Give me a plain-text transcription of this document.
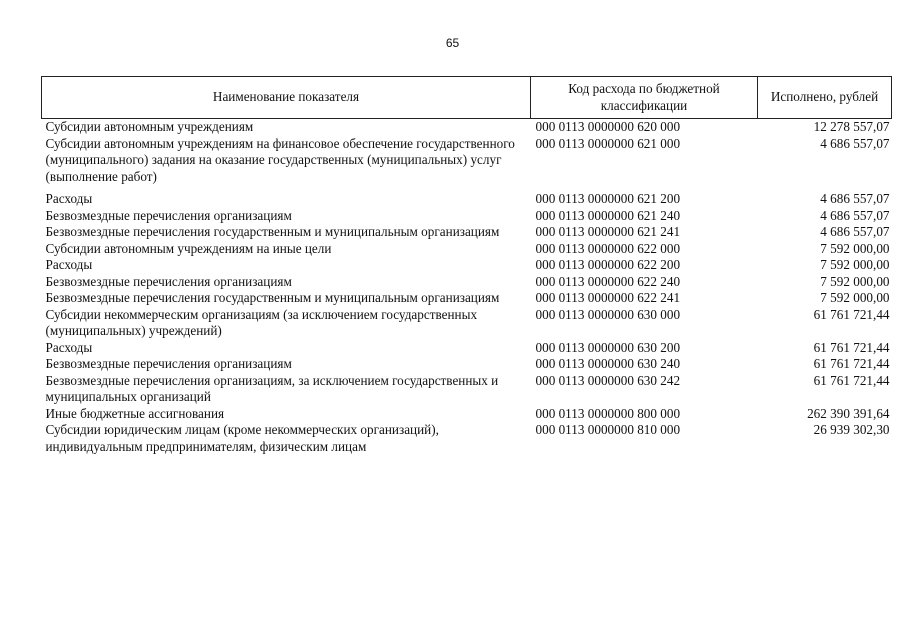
65
Наименование показателя	Код расхода по бюджетной классификации	Исполнено, рублей
Субсидии автономным учреждениям	000 0113 0000000 620 000	12 278 557,07
Субсидии автономным учреждениям на финансовое обеспечение государственного (муниципального) задания на оказание государственных (муниципальных) услуг (выполнение работ)	000 0113 0000000 621 000	4 686 557,07
Расходы	000 0113 0000000 621 200	4 686 557,07
Безвозмездные перечисления организациям	000 0113 0000000 621 240	4 686 557,07
Безвозмездные перечисления государственным и муниципальным организациям	000 0113 0000000 621 241	4 686 557,07
Субсидии автономным учреждениям на иные цели	000 0113 0000000 622 000	7 592 000,00
Расходы	000 0113 0000000 622 200	7 592 000,00
Безвозмездные перечисления организациям	000 0113 0000000 622 240	7 592 000,00
Безвозмездные перечисления государственным и муниципальным организациям	000 0113 0000000 622 241	7 592 000,00
Субсидии некоммерческим организациям (за исключением государственных (муниципальных) учреждений)	000 0113 0000000 630 000	61 761 721,44
Расходы	000 0113 0000000 630 200	61 761 721,44
Безвозмездные перечисления организациям	000 0113 0000000 630 240	61 761 721,44
Безвозмездные перечисления организациям, за исключением государственных и муниципальных организаций	000 0113 0000000 630 242	61 761 721,44
Иные бюджетные ассигнования	000 0113 0000000 800 000	262 390 391,64
Субсидии юридическим лицам (кроме некоммерческих организаций), индивидуальным предпринимателям, физическим лицам	000 0113 0000000 810 000	26 939 302,30
